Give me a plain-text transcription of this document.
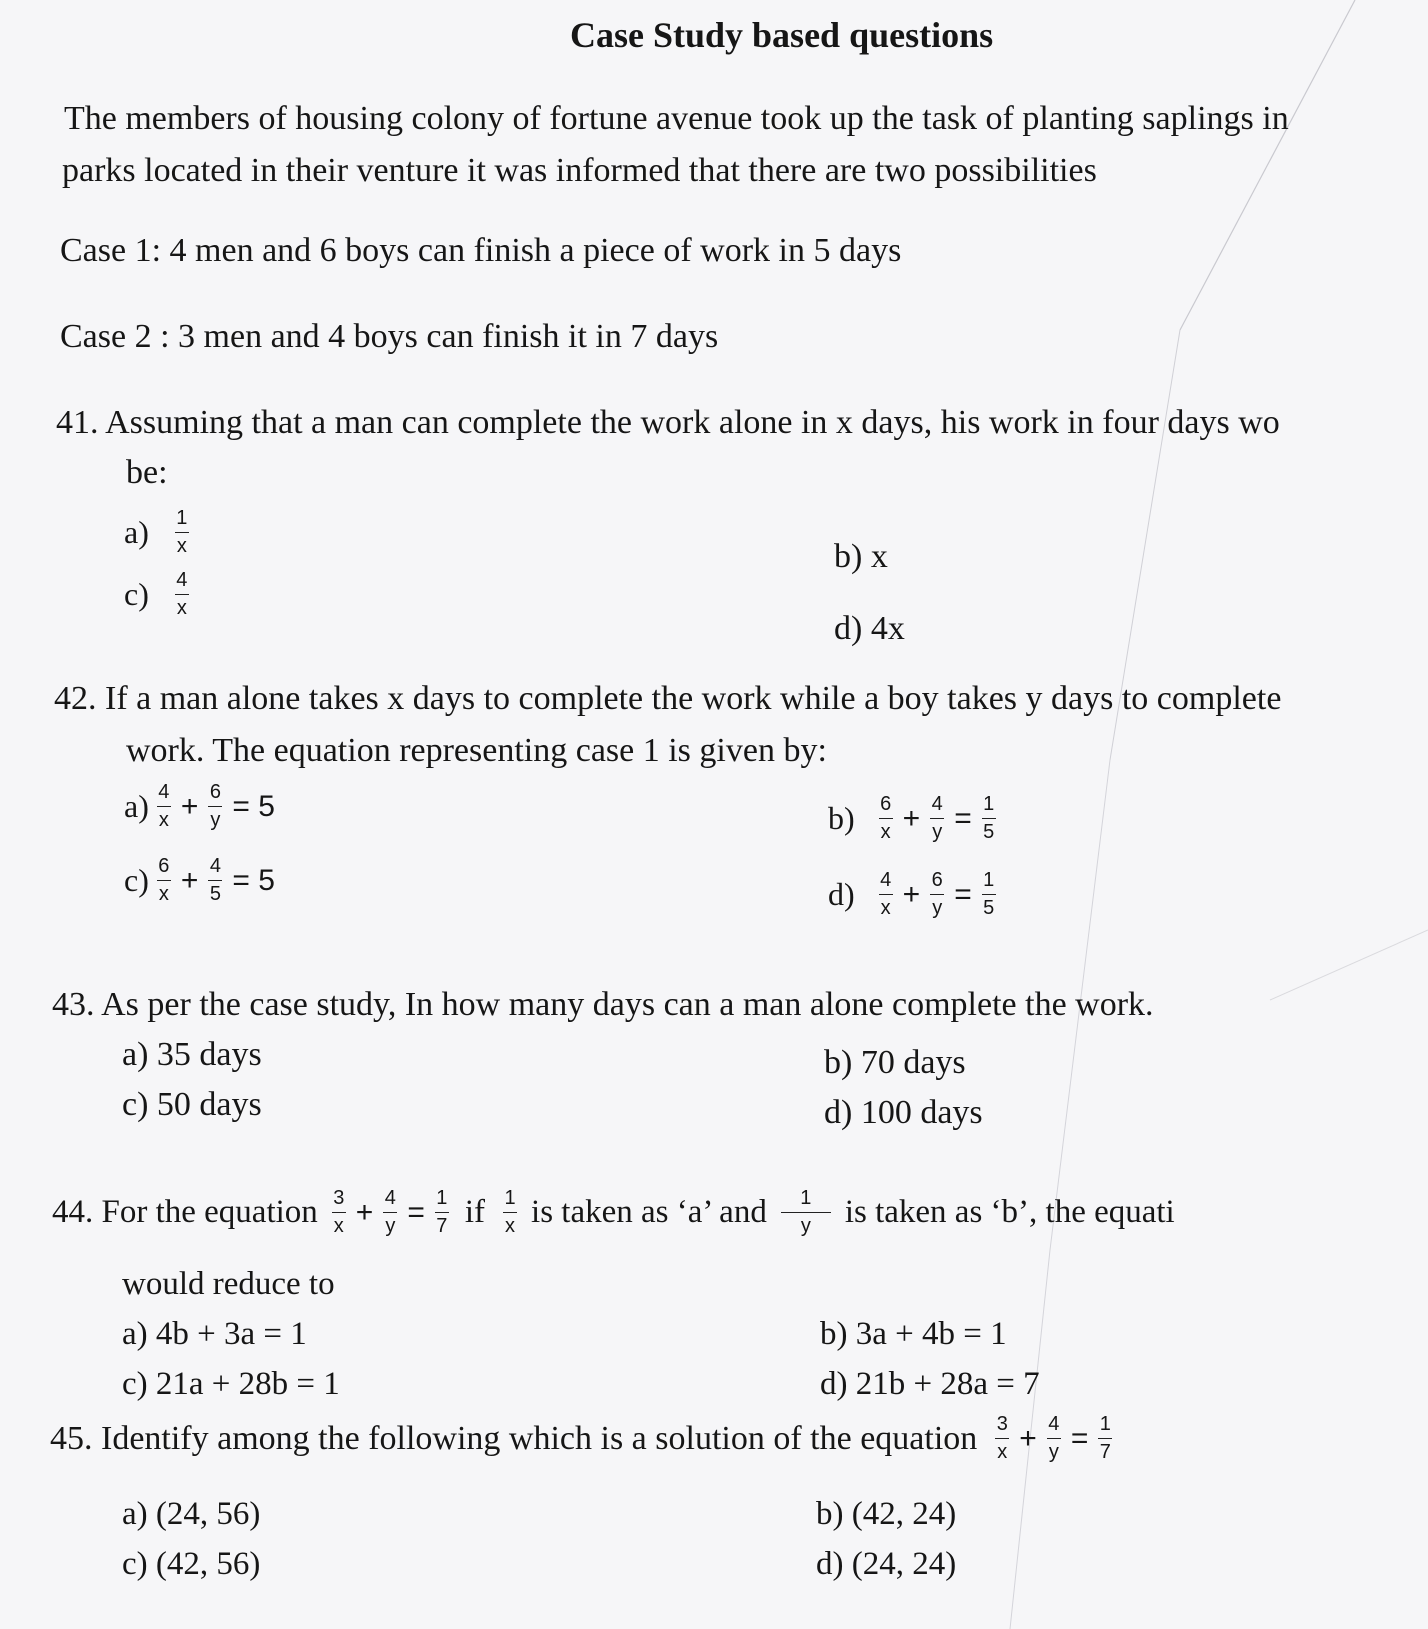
Case Study based questions
The members of housing colony of fortune avenue took up the task of planting saplings in
parks located in their venture it was informed that there are two possibilities
Case 1: 4 men and 6 boys can finish a piece of work in 5 days
Case 2 : 3 men and 4 boys can finish it in 7 days
41. Assuming that a man can complete the work alone in x days, his work in four days wo
be:
$a) \frac{1}{x}$
$c) \frac{4}{x}$
b) x
d) 4x
42. If a man alone takes x days to complete the work while a boy takes y days to complete
work. The equation representing case 1 is given by:
$a) \frac{4}{x} + \frac{6}{y} = 5$
$c) \frac{6}{x} + \frac{4}{5} = 5$
$b) \frac{6}{x} + \frac{4}{y} = \frac{1}{5}$
$d) \frac{4}{x} + \frac{6}{y} = \frac{1}{5}$
43. As per the case study, In how many days can a man alone complete the work.
a) 35 days
c) 50 days
b) 70 days
d) 100 days
44. For the equation $\frac{3}{x} + \frac{4}{y} = \frac{1}{7}$ if $\frac{1}{x}$ is taken as ‘a’ and $\frac{1}{y}$ is taken as ‘b’, the equati
would reduce to
a) 4b + 3a = 1
c) 21a + 28b = 1
b) 3a + 4b = 1
d) 21b + 28a = 7
45. Identify among the following which is a solution of the equation $\frac{3}{x} + \frac{4}{y} = \frac{1}{7}$
a) (24, 56)
c) (42, 56)
b) (42, 24)
d) (24, 24)
